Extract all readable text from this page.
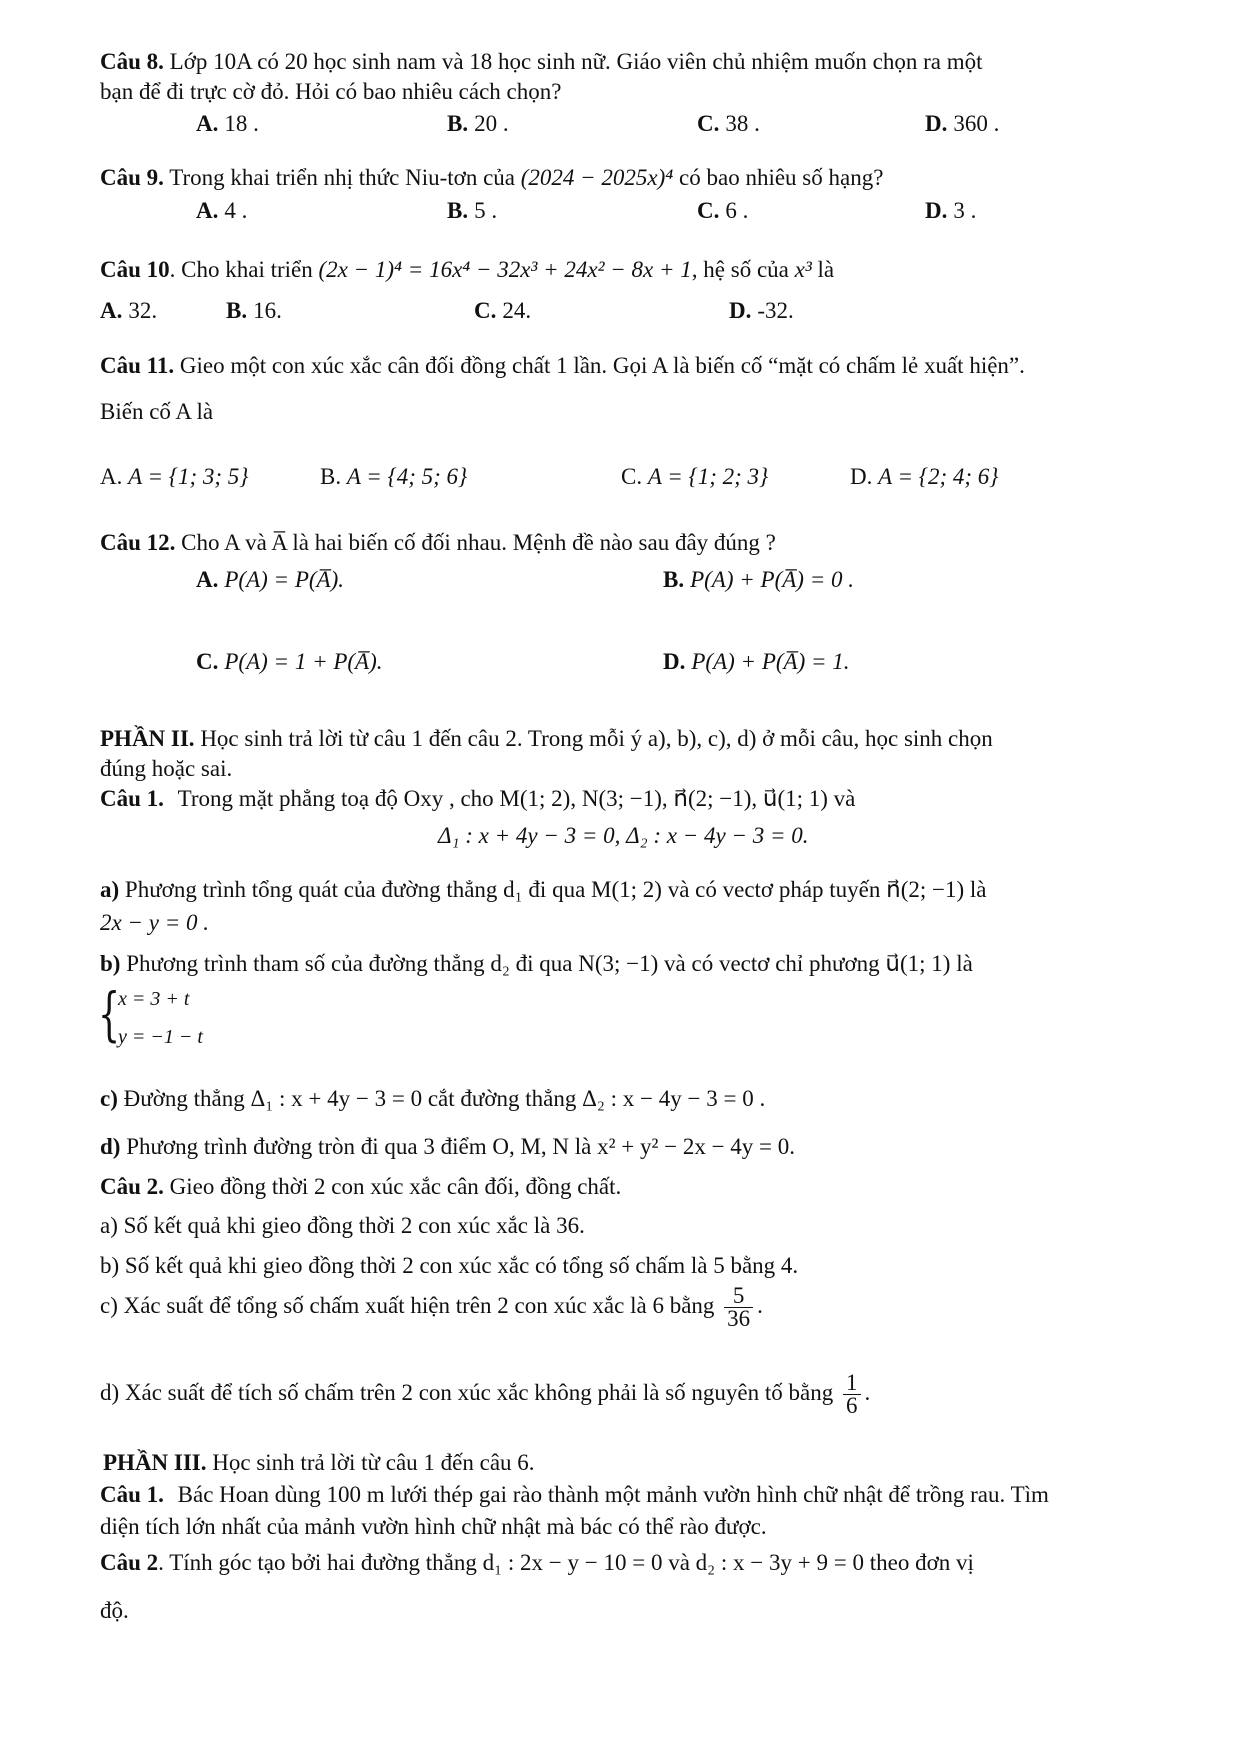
Câu 8. Lớp 10A có 20 học sinh nam và 18 học sinh nữ. Giáo viên chủ nhiệm muốn chọn ra một
bạn để đi trực cờ đỏ. Hỏi có bao nhiêu cách chọn?
A. 18 .	B. 20 .	C. 38 .	D. 360 .
Câu 9. Trong khai triển nhị thức Niu-tơn của (2024 − 2025x)⁴ có bao nhiêu số hạng?
A. 4 .	B. 5 .	C. 6 .	D. 3 .
Câu 10. Cho khai triển (2x − 1)⁴ = 16x⁴ − 32x³ + 24x² − 8x + 1, hệ số của x³ là
A. 32.	B. 16.	C. 24.	D. -32.
Câu 11. Gieo một con xúc xắc cân đối đồng chất 1 lần. Gọi A là biến cố “mặt có chấm lẻ xuất hiện”.
Biến cố A là
A. A = {1; 3; 5}	B. A = {4; 5; 6}	C. A = {1; 2; 3}	D. A = {2; 4; 6}
Câu 12. Cho A và A̅ là hai biến cố đối nhau. Mệnh đề nào sau đây đúng ?
A. P(A) = P(A̅).	B. P(A) + P(A̅) = 0 .
C. P(A) = 1 + P(A̅).	D. P(A) + P(A̅) = 1.
PHẦN II. Học sinh trả lời từ câu 1 đến câu 2. Trong mỗi ý a), b), c), d) ở mỗi câu, học sinh chọn
đúng hoặc sai.
Câu 1. Trong mặt phẳng toạ độ Oxy , cho M(1; 2), N(3; −1), n⃗(2; −1), u⃗(1; 1) và
Δ₁ : x + 4y − 3 = 0, Δ₂ : x − 4y − 3 = 0.
a) Phương trình tổng quát của đường thẳng d₁ đi qua M(1; 2) và có vectơ pháp tuyến n⃗(2; −1) là
2x − y = 0 .
b) Phương trình tham số của đường thẳng d₂ đi qua N(3; −1) và có vectơ chỉ phương u⃗(1; 1) là
{
x = 3 + t
y = −1 − t
c) Đường thẳng Δ₁ : x + 4y − 3 = 0 cắt đường thẳng Δ₂ : x − 4y − 3 = 0 .
d) Phương trình đường tròn đi qua 3 điểm O, M, N là x² + y² − 2x − 4y = 0.
Câu 2. Gieo đồng thời 2 con xúc xắc cân đối, đồng chất.
a) Số kết quả khi gieo đồng thời 2 con xúc xắc là 36.
b) Số kết quả khi gieo đồng thời 2 con xúc xắc có tổng số chấm là 5 bằng 4.
c) Xác suất để tổng số chấm xuất hiện trên 2 con xúc xắc là 6 bằng $\frac{5}{36}$ .
d) Xác suất để tích số chấm trên 2 con xúc xắc không phải là số nguyên tố bằng $\frac{1}{6}$ .
PHẦN III. Học sinh trả lời từ câu 1 đến câu 6.
Câu 1. Bác Hoan dùng 100 m lưới thép gai rào thành một mảnh vườn hình chữ nhật để trồng rau. Tìm
diện tích lớn nhất của mảnh vườn hình chữ nhật mà bác có thể rào được.
Câu 2. Tính góc tạo bởi hai đường thẳng d₁ : 2x − y − 10 = 0 và d₂ : x − 3y + 9 = 0 theo đơn vị
độ.
